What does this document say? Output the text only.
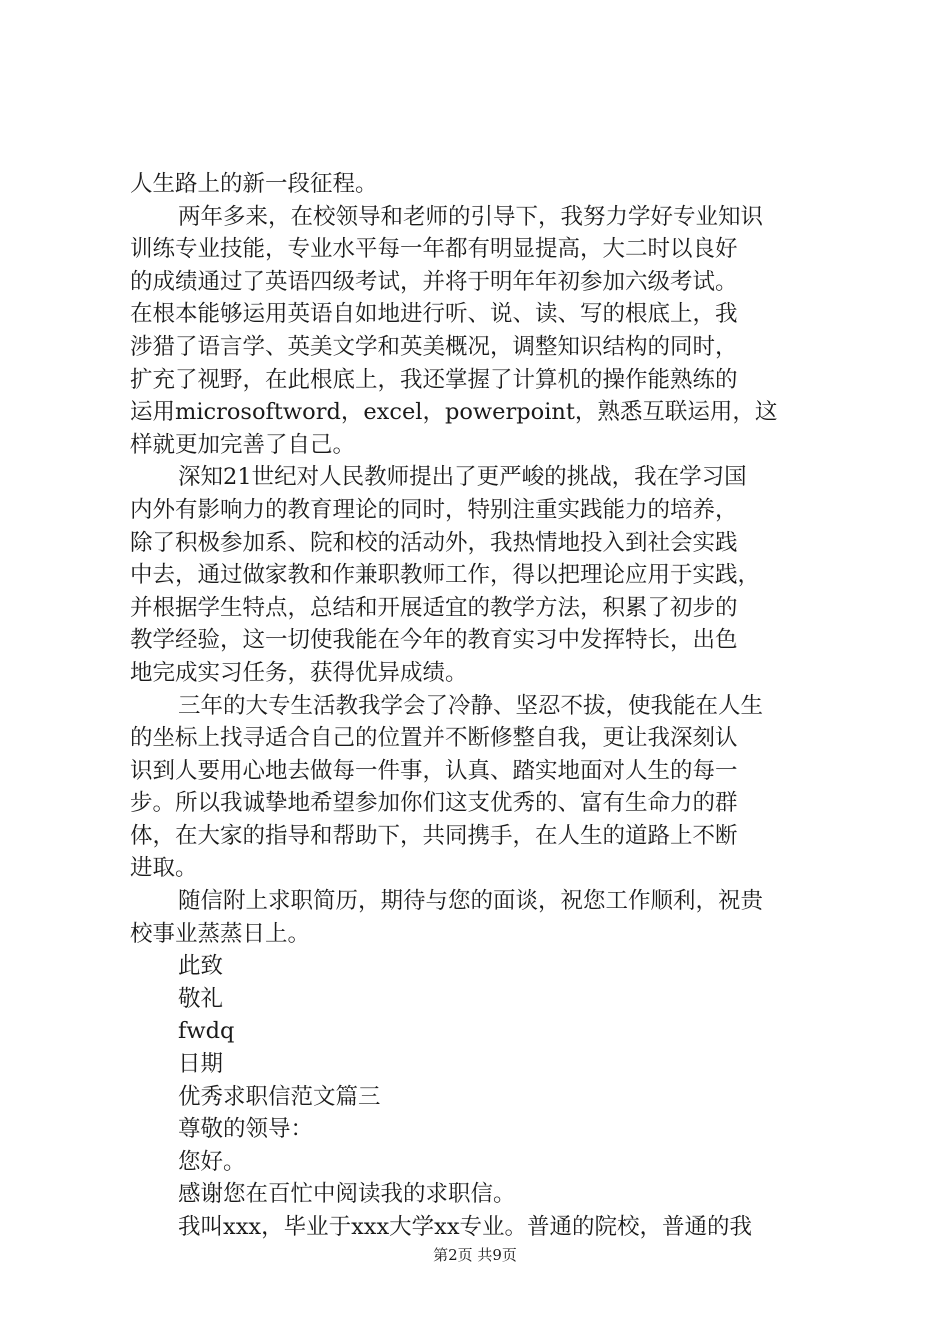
人生路上的新一段征程。
两年多来，在校领导和老师的引导下，我努力学好专业知识
训练专业技能，专业水平每一年都有明显提高，大二时以良好
的成绩通过了英语四级考试，并将于明年年初参加六级考试。
在根本能够运用英语自如地进行听、说、读、写的根底上，我
涉猎了语言学、英美文学和英美概况，调整知识结构的同时，
扩充了视野，在此根底上，我还掌握了计算机的操作能熟练的
运用microsoftword，excel，powerpoint，熟悉互联运用，这
样就更加完善了自己。
深知21世纪对人民教师提出了更严峻的挑战，我在学习国
内外有影响力的教育理论的同时，特别注重实践能力的培养，
除了积极参加系、院和校的活动外，我热情地投入到社会实践
中去，通过做家教和作兼职教师工作，得以把理论应用于实践，
并根据学生特点，总结和开展适宜的教学方法，积累了初步的
教学经验，这一切使我能在今年的教育实习中发挥特长，出色
地完成实习任务，获得优异成绩。
三年的大专生活教我学会了冷静、坚忍不拔，使我能在人生
的坐标上找寻适合自己的位置并不断修整自我，更让我深刻认
识到人要用心地去做每一件事，认真、踏实地面对人生的每一
步。所以我诚挚地希望参加你们这支优秀的、富有生命力的群
体，在大家的指导和帮助下，共同携手，在人生的道路上不断
进取。
随信附上求职简历，期待与您的面谈，祝您工作顺利，祝贵
校事业蒸蒸日上。
此致
敬礼
fwdq
日期
优秀求职信范文篇三
尊敬的领导：
您好。
感谢您在百忙中阅读我的求职信。
我叫xxx，毕业于xxx大学xx专业。普通的院校，普通的我
第2页 共9页
